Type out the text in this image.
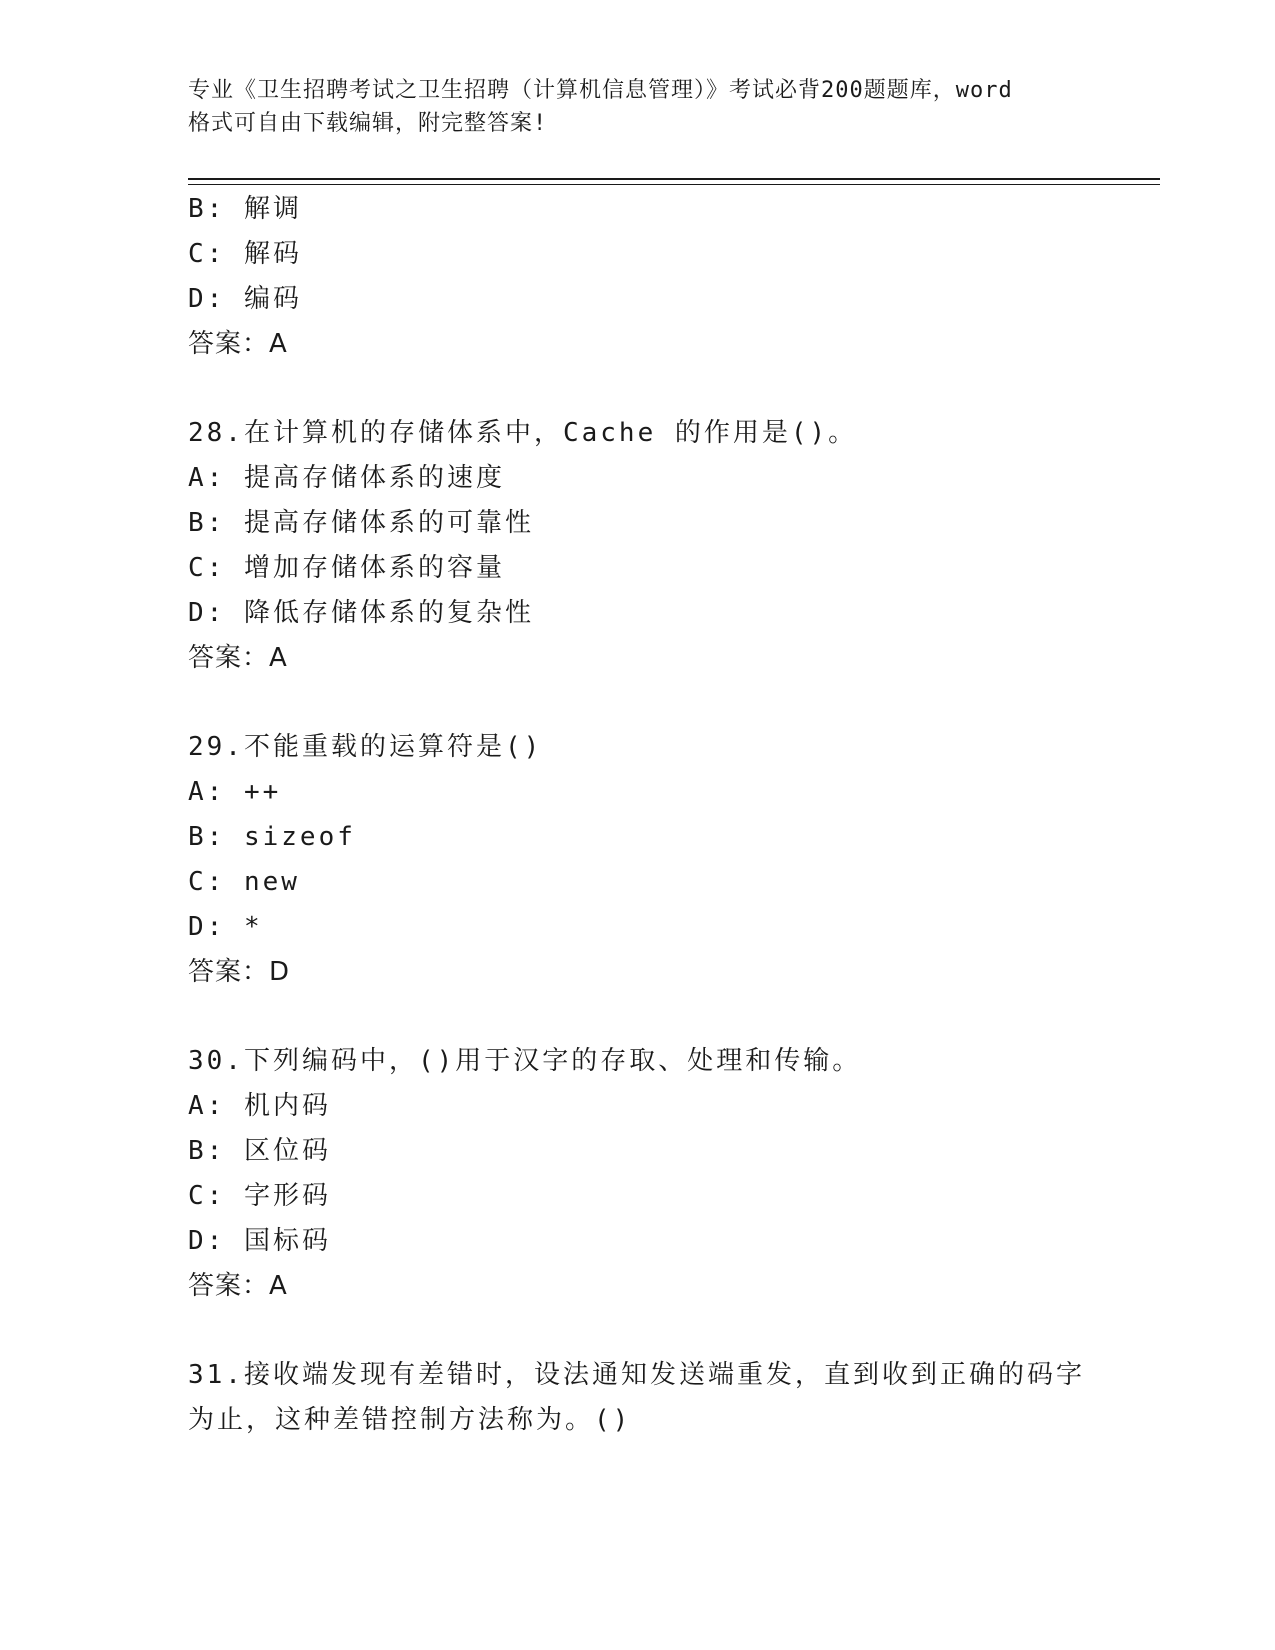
专业《卫生招聘考试之卫生招聘（计算机信息管理）》考试必背200题题库，word
格式可自由下载编辑，附完整答案!
B: 解调
C: 解码
D: 编码
答案：A
28.在计算机的存储体系中，Cache 的作用是()。
A: 提高存储体系的速度
B: 提高存储体系的可靠性
C: 增加存储体系的容量
D: 降低存储体系的复杂性
答案：A
29.不能重载的运算符是()
A: ++
B: sizeof
C: new
D: *
答案：D
30.下列编码中，()用于汉字的存取、处理和传输。
A: 机内码
B: 区位码
C: 字形码
D: 国标码
答案：A
31.接收端发现有差错时，设法通知发送端重发，直到收到正确的码字
为止，这种差错控制方法称为。()
